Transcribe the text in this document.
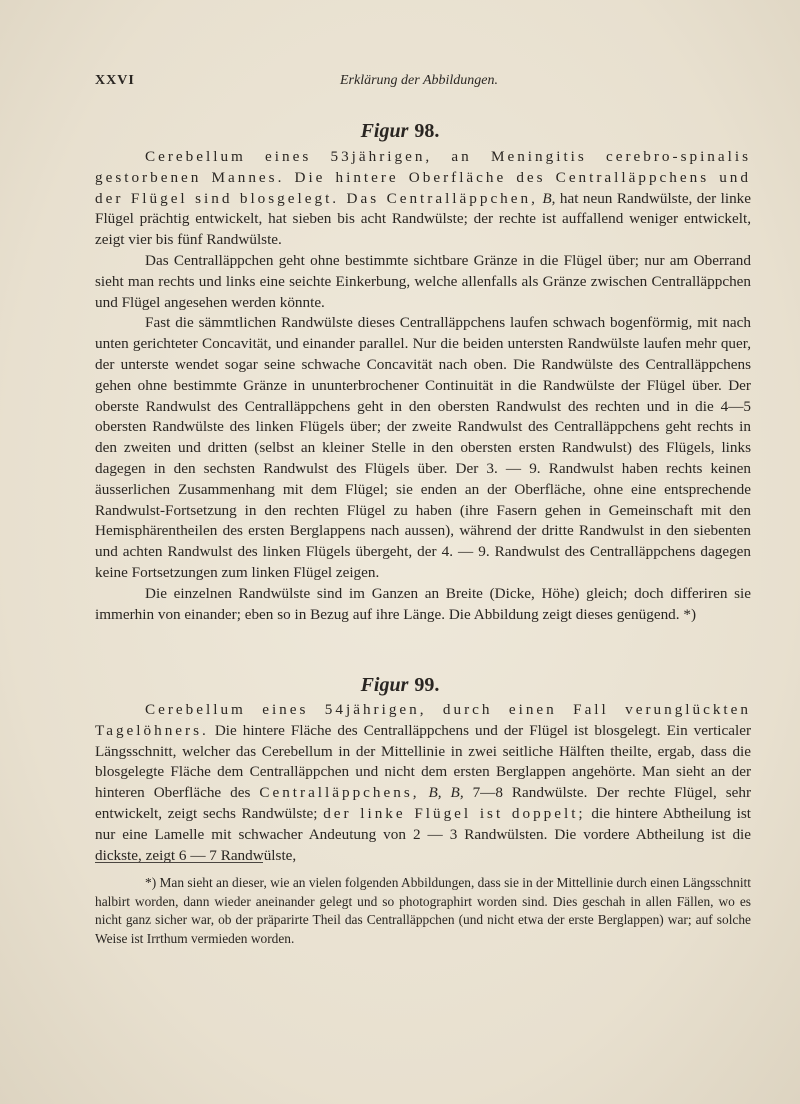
XXVI	Erklärung der Abbildungen.
Figur 98.

Cerebellum eines 53jährigen, an Meningitis cerebro-spinalis gestorbenen Mannes. Die hintere Oberfläche des Centralläppchens und der Flügel sind blosgelegt. Das Centralläppchen, B, hat neun Randwülste, der linke Flügel prächtig entwickelt, hat sieben bis acht Randwülste; der rechte ist auffallend weniger entwickelt, zeigt vier bis fünf Randwülste.

Das Centralläppchen geht ohne bestimmte sichtbare Gränze in die Flügel über; nur am Oberrand sieht man rechts und links eine seichte Einkerbung, welche allenfalls als Gränze zwischen Centralläppchen und Flügel angesehen werden könnte.

Fast die sämmtlichen Randwülste dieses Centralläppchens laufen schwach bogenförmig, mit nach unten gerichteter Concavität, und einander parallel. Nur die beiden untersten Randwülste laufen mehr quer, der unterste wendet sogar seine schwache Concavität nach oben. Die Randwülste des Centralläppchens gehen ohne bestimmte Gränze in ununterbrochener Continuität in die Randwülste der Flügel über. Der oberste Randwulst des Centralläppchens geht in den obersten Randwulst des rechten und in die 4—5 obersten Randwülste des linken Flügels über; der zweite Randwulst des Centralläppchens geht rechts in den zweiten und dritten (selbst an kleiner Stelle in den obersten ersten Randwulst) des Flügels, links dagegen in den sechsten Randwulst des Flügels über. Der 3. — 9. Randwulst haben rechts keinen äusserlichen Zusammenhang mit dem Flügel; sie enden an der Oberfläche, ohne eine entsprechende Randwulst-Fortsetzung in den rechten Flügel zu haben (ihre Fasern gehen in Gemeinschaft mit den Hemisphärentheilen des ersten Berglappens nach aussen), während der dritte Randwulst in den siebenten und achten Randwulst des linken Flügels übergeht, der 4. — 9. Randwulst des Centralläppchens dagegen keine Fortsetzungen zum linken Flügel zeigen.

Die einzelnen Randwülste sind im Ganzen an Breite (Dicke, Höhe) gleich; doch differiren sie immerhin von einander; eben so in Bezug auf ihre Länge. Die Abbildung zeigt dieses genügend. *)

Figur 99.

Cerebellum eines 54jährigen, durch einen Fall verunglückten Tagelöhners. Die hintere Fläche des Centralläppchens und der Flügel ist blosgelegt. Ein verticaler Längsschnitt, welcher das Cerebellum in der Mittellinie in zwei seitliche Hälften theilte, ergab, dass die blosgelegte Fläche dem Centralläppchen und nicht dem ersten Berglappen angehörte. Man sieht an der hinteren Oberfläche des Centralläppchens, B, B, 7—8 Randwülste. Der rechte Flügel, sehr entwickelt, zeigt sechs Randwülste; der linke Flügel ist doppelt; die hintere Abtheilung ist nur eine Lamelle mit schwacher Andeutung von 2 — 3 Randwülsten. Die vordere Abtheilung ist die dickste, zeigt 6 — 7 Randwülste,

*) Man sieht an dieser, wie an vielen folgenden Abbildungen, dass sie in der Mittellinie durch einen Längsschnitt halbirt worden, dann wieder aneinander gelegt und so photographirt worden sind. Dies geschah in allen Fällen, wo es nicht ganz sicher war, ob der präparirte Theil das Centralläppchen (und nicht etwa der erste Berglappen) war; auf solche Weise ist Irrthum vermieden worden.
